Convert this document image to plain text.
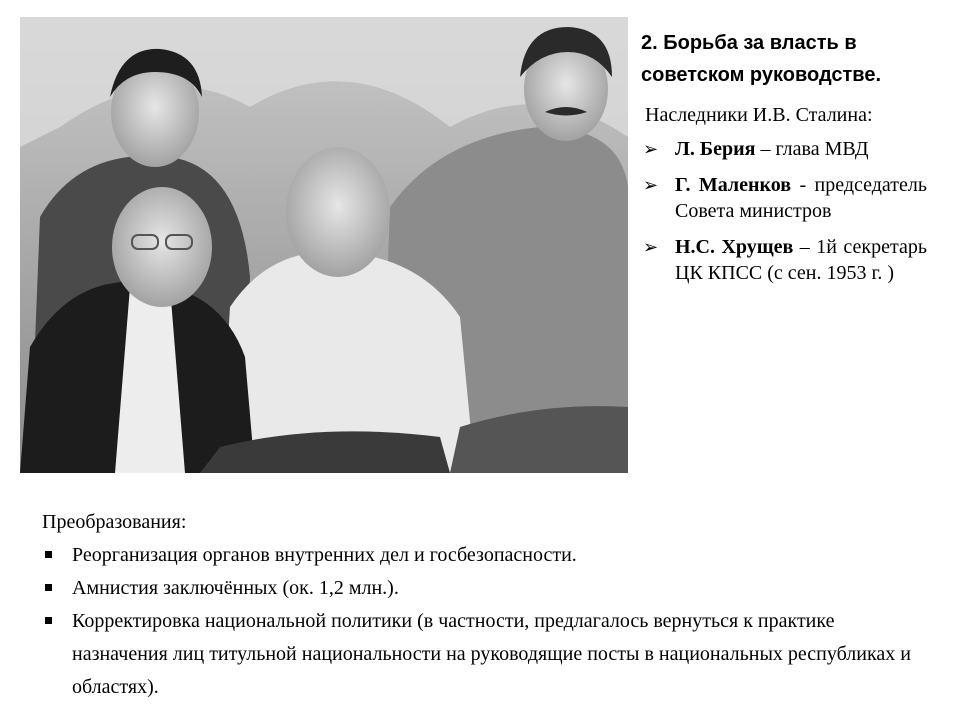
2. Борьба за власть в советском руководстве.
Наследники И.В. Сталина:
➢ Л. Берия – глава МВД
➢ Г. Маленков - председатель Совета министров
➢ Н.С. Хрущев – 1й секретарь ЦК КПСС (с сен. 1953 г. )
Преобразования:
Реорганизация органов внутренних дел и госбезопасности.
Амнистия заключённых (ок. 1,2 млн.).
Корректировка национальной политики (в частности, предлагалось вернуться к практике назначения лиц титульной национальности на руководящие посты в национальных республиках и областях).
